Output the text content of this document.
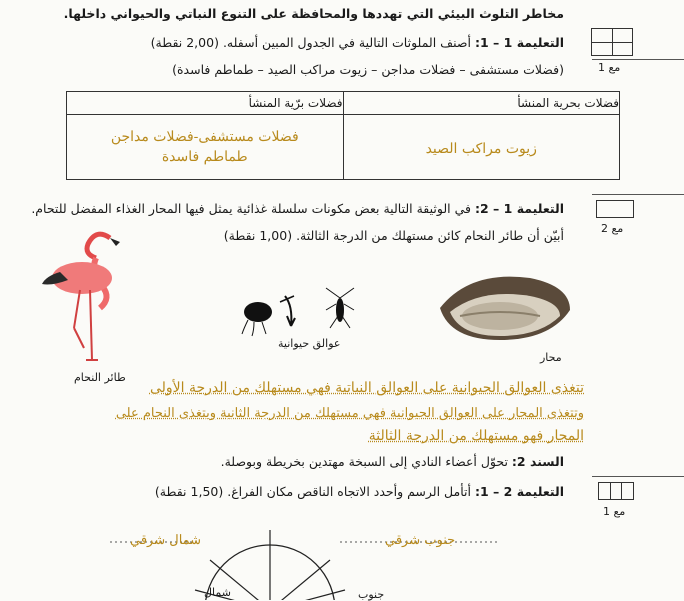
مخاطر التلوث البيئي التي تهددها والمحافظة على التنوع النباتي والحيواني داخلها.
مع 1
التعليمة 1 – 1: أصنف الملوثات التالية في الجدول المبين أسفله. (2,00 نقطة)
(فضلات مستشفى – فضلات مداجن – زيوت مراكب الصيد – طماطم فاسدة)
فضلات بحرية المنشأ	فضلات برّية المنشأ
زيوت مراكب الصيد	فضلات مستشفى-فضلات مداجن
طماطم فاسدة
مع 2
التعليمة 1 – 2: في الوثيقة التالية بعض مكونات سلسلة غذائية يمثل فيها المحار الغذاء المفضل للتحام.
أبيّن أن طائر النحام كائن مستهلك من الدرجة الثالثة. (1,00 نقطة)
طائر النحام
عوالق حيوانية
محار
تتغذى العوالق الحيوانية على العوالق النباتية فهي مستهلك من الدرجة الأولى
وتتغذى المحار على العوالق الحيوانية فهي مستهلك من الدرجة الثانية ويتغذى النحام على
المحار فهو مستهلك من الدرجة الثالثة
السند 2: تحوّل أعضاء النادي إلى السبخة مهتدين بخريطة وبوصلة.
مع 1
التعليمة 2 – 1: أتأمل الرسم وأحدد الاتجاه الناقص مكان الفراغ. (1,50 نقطة)
شمال شرقي	جنوب شرقي
شمال	جنوب
